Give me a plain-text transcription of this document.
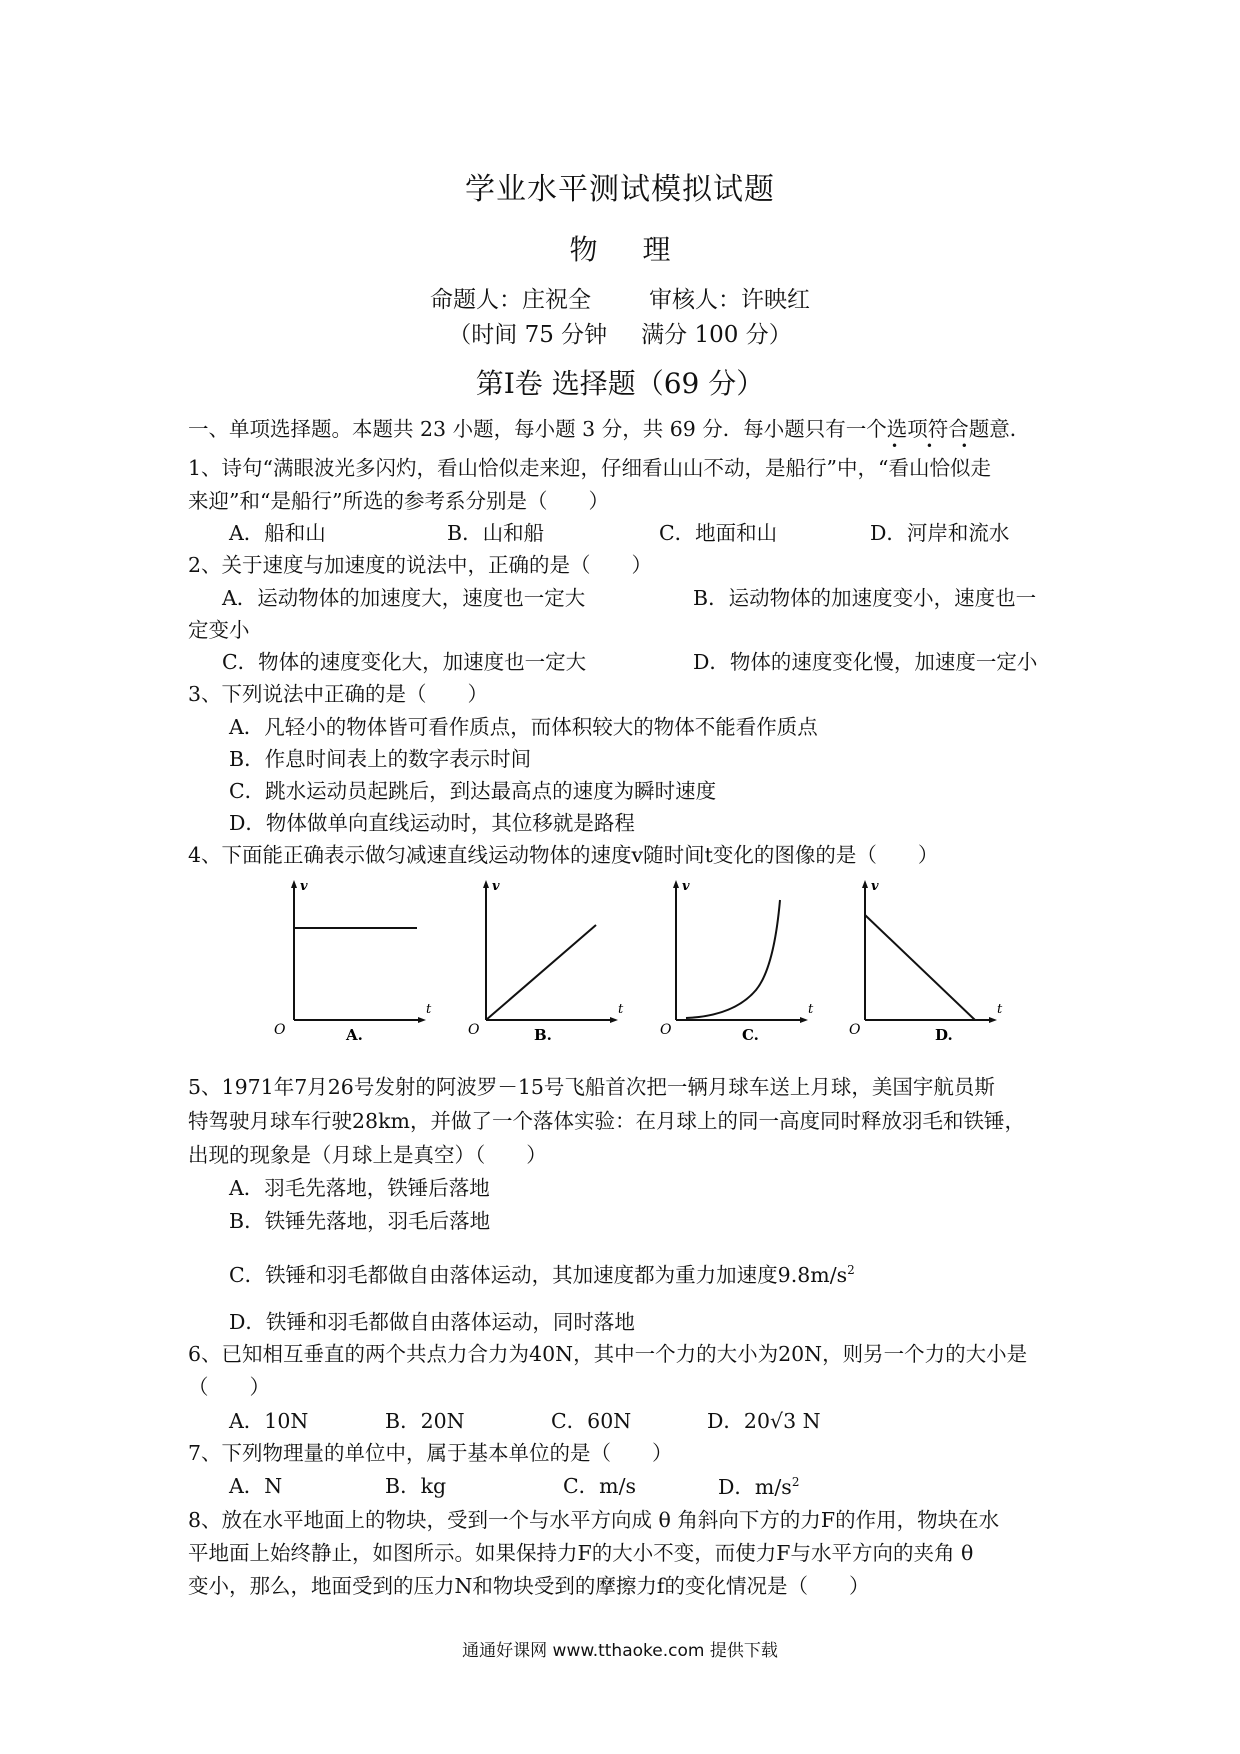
学业水平测试模拟试题
物 理
命题人：庄祝全	审核人：许映红
（时间 75 分钟 满分 100 分）
第Ⅰ卷 选择题（69 分）
一、单项选择题。本题共 23 小题，每小题 3 分，共 69 分．每小题只有一个选项符合题意．
• • •
1、诗句“满眼波光多闪灼，看山恰似走来迎，仔细看山山不动，是船行”中，“看山恰似走
来迎”和“是船行”所选的参考系分别是（　　）
A．船和山	B．山和船	C．地面和山	D．河岸和流水
2、关于速度与加速度的说法中，正确的是（　　）
A．运动物体的加速度大，速度也一定大	B．运动物体的加速度变小，速度也一
定变小
C．物体的速度变化大，加速度也一定大	D．物体的速度变化慢，加速度一定小
3、下列说法中正确的是（　　）
A．凡轻小的物体皆可看作质点，而体积较大的物体不能看作质点
B．作息时间表上的数字表示时间
C．跳水运动员起跳后，到达最高点的速度为瞬时速度
D．物体做单向直线运动时，其位移就是路程
4、下面能正确表示做匀减速直线运动物体的速度v随时间t变化的图像的是（　　）
v
t
O	A.
v
t
O	B.
v
t
O	C.
v
t
O	D.
5、1971年7月26号发射的阿波罗－15号飞船首次把一辆月球车送上月球，美国宇航员斯
特驾驶月球车行驶28km，并做了一个落体实验：在月球上的同一高度同时释放羽毛和铁锤，
出现的现象是（月球上是真空）（　　）
A．羽毛先落地，铁锤后落地
B．铁锤先落地，羽毛后落地
C．铁锤和羽毛都做自由落体运动，其加速度都为重力加速度$9.8m/s^2$
D．铁锤和羽毛都做自由落体运动，同时落地
6、已知相互垂直的两个共点力合力为40N，其中一个力的大小为20N，则另一个力的大小是
（　　）
A．10N	B．20N	C．60N	D．20√3 N
7、下列物理量的单位中，属于基本单位的是（　　）
A．N	B．kg	C．m/s	D．$m/s^2$
8、放在水平地面上的物块，受到一个与水平方向成 θ 角斜向下方的力F的作用，物块在水
平地面上始终静止，如图所示。如果保持力F的大小不变，而使力F与水平方向的夹角 θ
变小，那么，地面受到的压力N和物块受到的摩擦力f的变化情况是（　　）
通通好课网 www.tthaoke.com 提供下载
